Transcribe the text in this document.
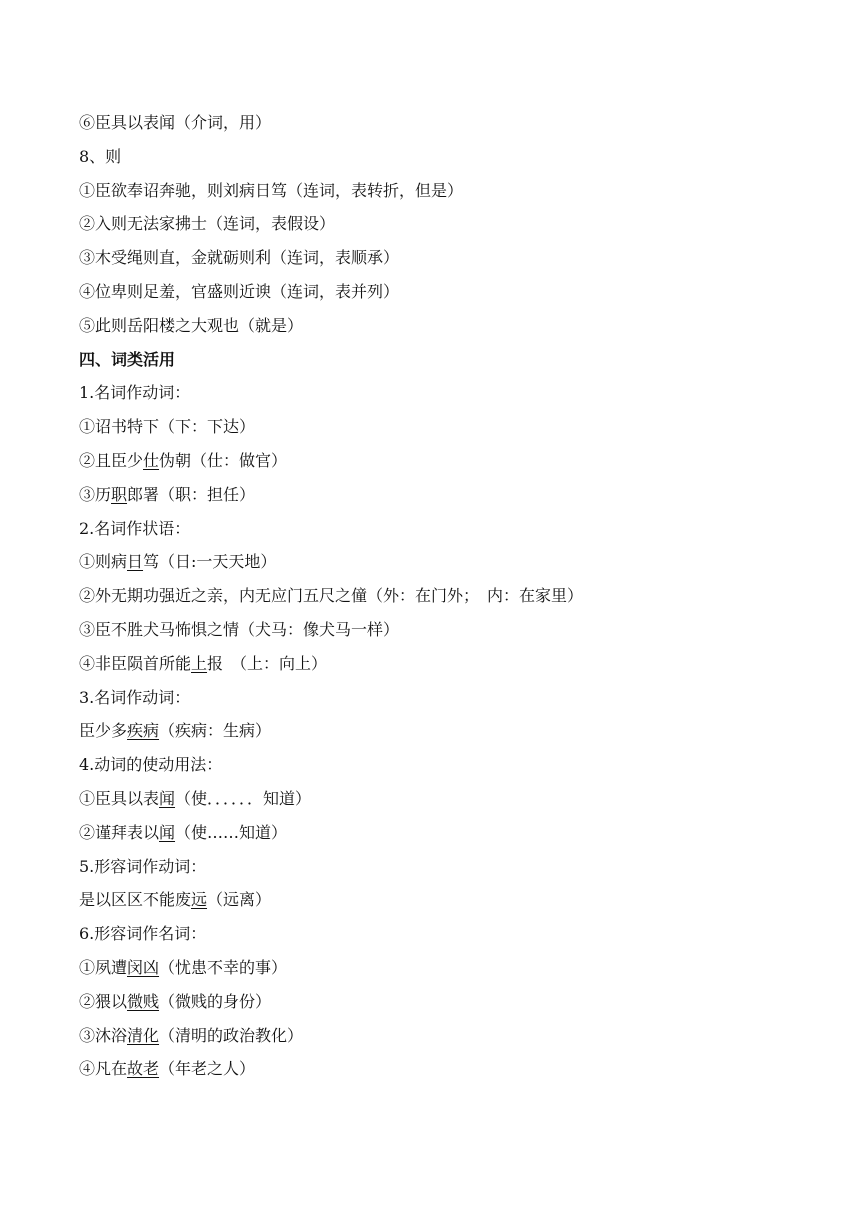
⑥臣具以表闻（介词，用）
8、则
①臣欲奉诏奔驰，则刘病日笃（连词，表转折，但是）
②入则无法家拂士（连词，表假设）
③木受绳则直，金就砺则利（连词，表顺承）
④位卑则足羞，官盛则近谀（连词，表并列）
⑤此则岳阳楼之大观也（就是）
四、词类活用
1.名词作动词：
①诏书特下（下：下达）
②且臣少仕伪朝（仕：做官）
③历职郎署（职：担任）
2.名词作状语：
①则病日笃（日:一天天地）
②外无期功强近之亲，内无应门五尺之僮（外：在门外；　内：在家里）
③臣不胜犬马怖惧之情（犬马：像犬马一样）
④非臣陨首所能上报　（上：向上）
3.名词作动词：
臣少多疾病（疾病：生病）
4.动词的使动用法：
①臣具以表闻（使．．．．．．知道）
②谨拜表以闻（使……知道）
5.形容词作动词：
是以区区不能废远（远离）
6.形容词作名词：
①夙遭闵凶（忧患不幸的事）
②猥以微贱（微贱的身份）
③沐浴清化（清明的政治教化）
④凡在故老（年老之人）
